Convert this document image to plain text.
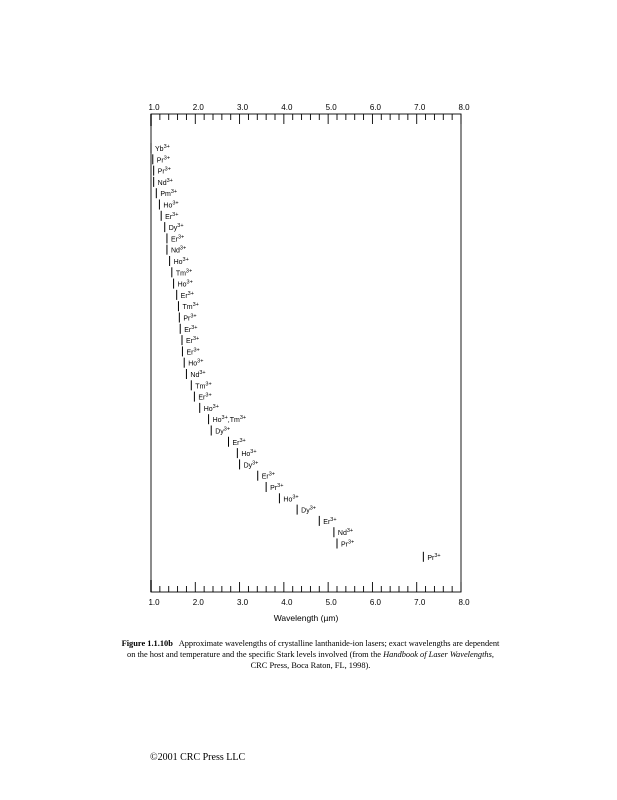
1.0
1.0
2.0
2.0
3.0
3.0
4.0
4.0
5.0
5.0
6.0
6.0
7.0
7.0
8.0
8.0
$Yb^{3+}$
$Pr^{3+}$
$Pr^{3+}$
$Nd^{3+}$
$Pm^{3+}$
$Ho^{3+}$
$Er^{3+}$
$Dy^{3+}$
$Er^{3+}$
$Nd^{3+}$
$Ho^{3+}$
$Tm^{3+}$
$Ho^{3+}$
$Er^{3+}$
$Tm^{3+}$
$Pr^{3+}$
$Er^{3+}$
$Er^{3+}$
$Er^{3+}$
$Ho^{3+}$
$Nd^{3+}$
$Tm^{3+}$
$Er^{3+}$
$Ho^{3+}$
$Ho^{3+},Tm^{3+}$
$Dy^{3+}$
$Er^{3+}$
$Ho^{3+}$
$Dy^{3+}$
$Er^{3+}$
$Pr^{3+}$
$Ho^{3+}$
$Dy^{3+}$
$Er^{3+}$
$Nd^{3+}$
$Pr^{3+}$
$Pr^{3+}$
Wavelength (µm)
Figure 1.1.10b Approximate wavelengths of crystalline lanthanide-ion lasers; exact wavelengths are dependent on the host and temperature and the specific Stark levels involved (from the Handbook of Laser Wavelengths, CRC Press, Boca Raton, FL, 1998).
©2001 CRC Press LLC
